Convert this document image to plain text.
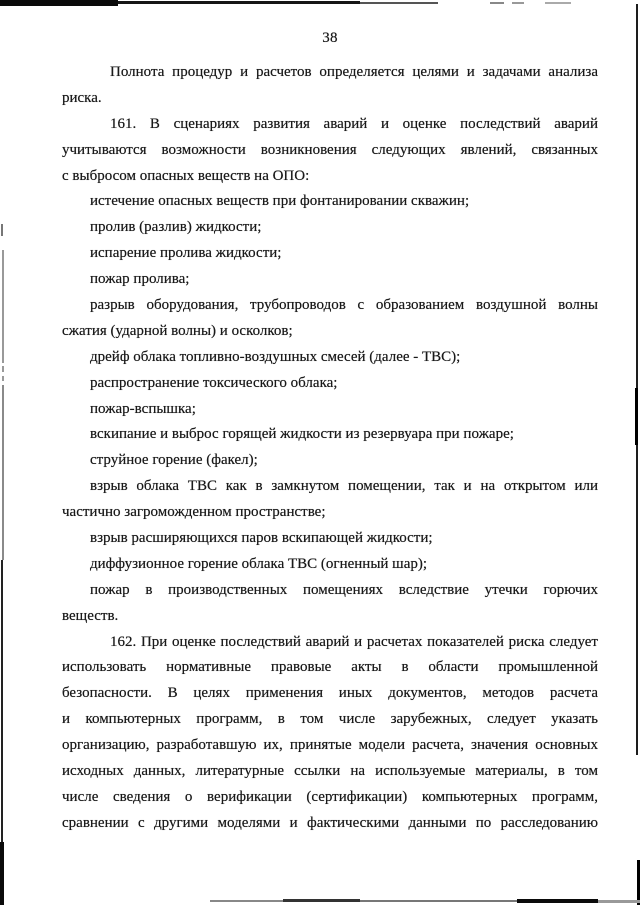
38
Полнота процедур и расчетов определяется целями и задачами анализа
риска.
161. В сценариях развития аварий и оценке последствий аварий
учитываются возможности возникновения следующих явлений, связанных
с выбросом опасных веществ на ОПО:
истечение опасных веществ при фонтанировании скважин;
пролив (разлив) жидкости;
испарение пролива жидкости;
пожар пролива;
разрыв оборудования, трубопроводов с образованием воздушной волны
сжатия (ударной волны) и осколков;
дрейф облака топливно-воздушных смесей (далее - ТВС);
распространение токсического облака;
пожар-вспышка;
вскипание и выброс горящей жидкости из резервуара при пожаре;
струйное горение (факел);
взрыв облака ТВС как в замкнутом помещении, так и на открытом или
частично загроможденном пространстве;
взрыв расширяющихся паров вскипающей жидкости;
диффузионное горение облака ТВС (огненный шар);
пожар в производственных помещениях вследствие утечки горючих
веществ.
162. При оценке последствий аварий и расчетах показателей риска следует
использовать нормативные правовые акты в области промышленной
безопасности. В целях применения иных документов, методов расчета
и компьютерных программ, в том числе зарубежных, следует указать
организацию, разработавшую их, принятые модели расчета, значения основных
исходных данных, литературные ссылки на используемые материалы, в том
числе сведения о верификации (сертификации) компьютерных программ,
сравнении с другими моделями и фактическими данными по расследованию
